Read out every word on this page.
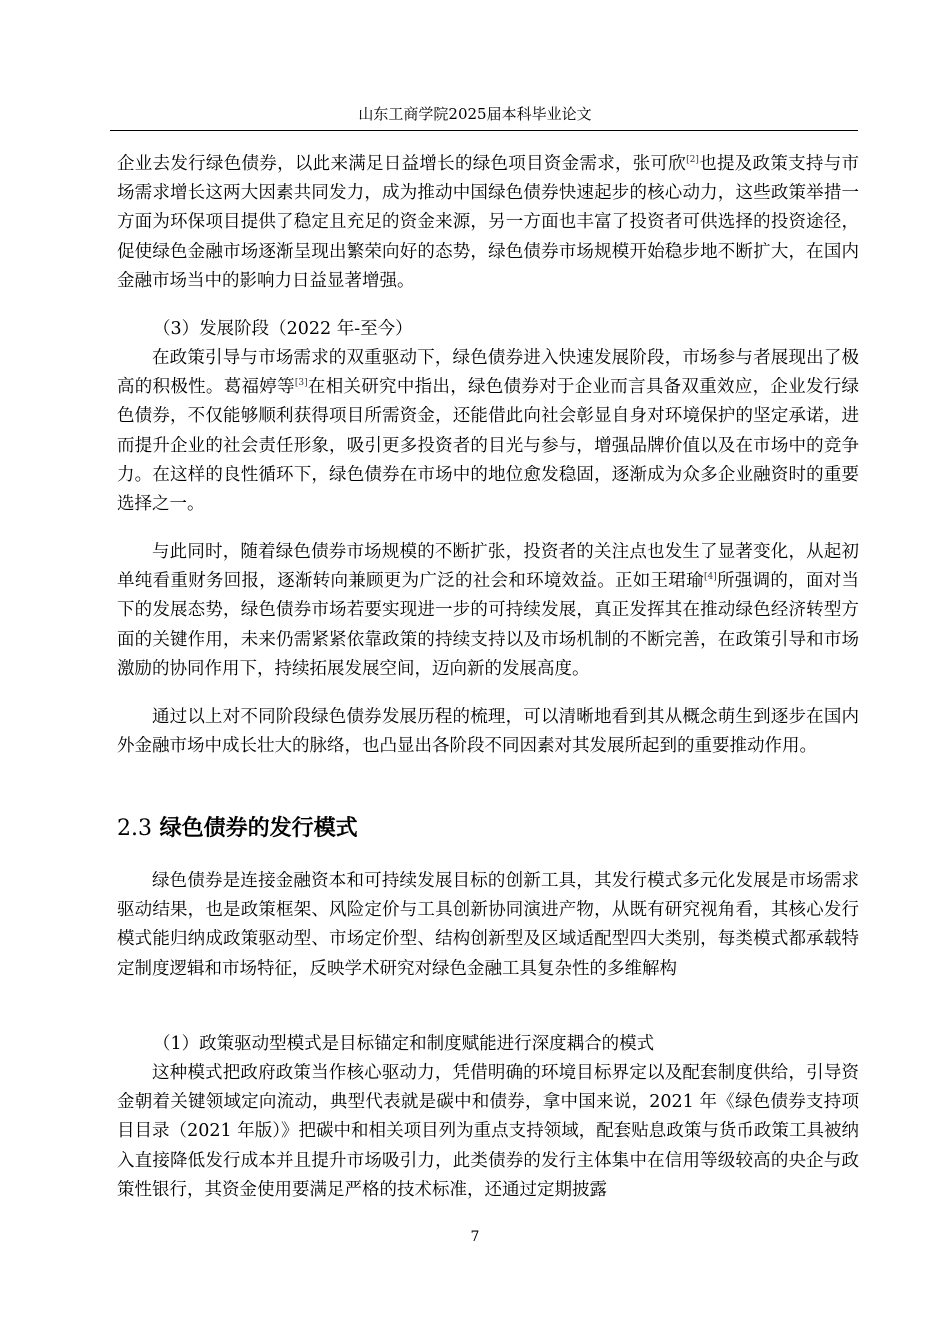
山东工商学院2025届本科毕业论文

企业去发行绿色债券，以此来满足日益增长的绿色项目资金需求，张可欣[2]也提及政策支持与市场需求增长这两大因素共同发力，成为推动中国绿色债券快速起步的核心动力，这些政策举措一方面为环保项目提供了稳定且充足的资金来源，另一方面也丰富了投资者可供选择的投资途径，促使绿色金融市场逐渐呈现出繁荣向好的态势，绿色债券市场规模开始稳步地不断扩大，在国内金融市场当中的影响力日益显著增强。

（3）发展阶段（2022 年-至今）

在政策引导与市场需求的双重驱动下，绿色债券进入快速发展阶段，市场参与者展现出了极高的积极性。葛福婷等[3]在相关研究中指出，绿色债券对于企业而言具备双重效应，企业发行绿色债券，不仅能够顺利获得项目所需资金，还能借此向社会彰显自身对环境保护的坚定承诺，进而提升企业的社会责任形象，吸引更多投资者的目光与参与，增强品牌价值以及在市场中的竞争力。在这样的良性循环下，绿色债券在市场中的地位愈发稳固，逐渐成为众多企业融资时的重要选择之一。

与此同时，随着绿色债券市场规模的不断扩张，投资者的关注点也发生了显著变化，从起初单纯看重财务回报，逐渐转向兼顾更为广泛的社会和环境效益。正如王珺瑜[4]所强调的，面对当下的发展态势，绿色债券市场若要实现进一步的可持续发展，真正发挥其在推动绿色经济转型方面的关键作用，未来仍需紧紧依靠政策的持续支持以及市场机制的不断完善，在政策引导和市场激励的协同作用下，持续拓展发展空间，迈向新的发展高度。

通过以上对不同阶段绿色债券发展历程的梳理，可以清晰地看到其从概念萌生到逐步在国内外金融市场中成长壮大的脉络，也凸显出各阶段不同因素对其发展所起到的重要推动作用。

2.3 绿色债券的发行模式

绿色债券是连接金融资本和可持续发展目标的创新工具，其发行模式多元化发展是市场需求驱动结果，也是政策框架、风险定价与工具创新协同演进产物，从既有研究视角看，其核心发行模式能归纳成政策驱动型、市场定价型、结构创新型及区域适配型四大类别，每类模式都承载特定制度逻辑和市场特征，反映学术研究对绿色金融工具复杂性的多维解构

（1）政策驱动型模式是目标锚定和制度赋能进行深度耦合的模式

这种模式把政府政策当作核心驱动力，凭借明确的环境目标界定以及配套制度供给，引导资金朝着关键领域定向流动，典型代表就是碳中和债券，拿中国来说，2021 年《绿色债券支持项目目录（2021 年版）》把碳中和相关项目列为重点支持领域，配套贴息政策与货币政策工具被纳入直接降低发行成本并且提升市场吸引力，此类债券的发行主体集中在信用等级较高的央企与政策性银行，其资金使用要满足严格的技术标准，还通过定期披露

7
